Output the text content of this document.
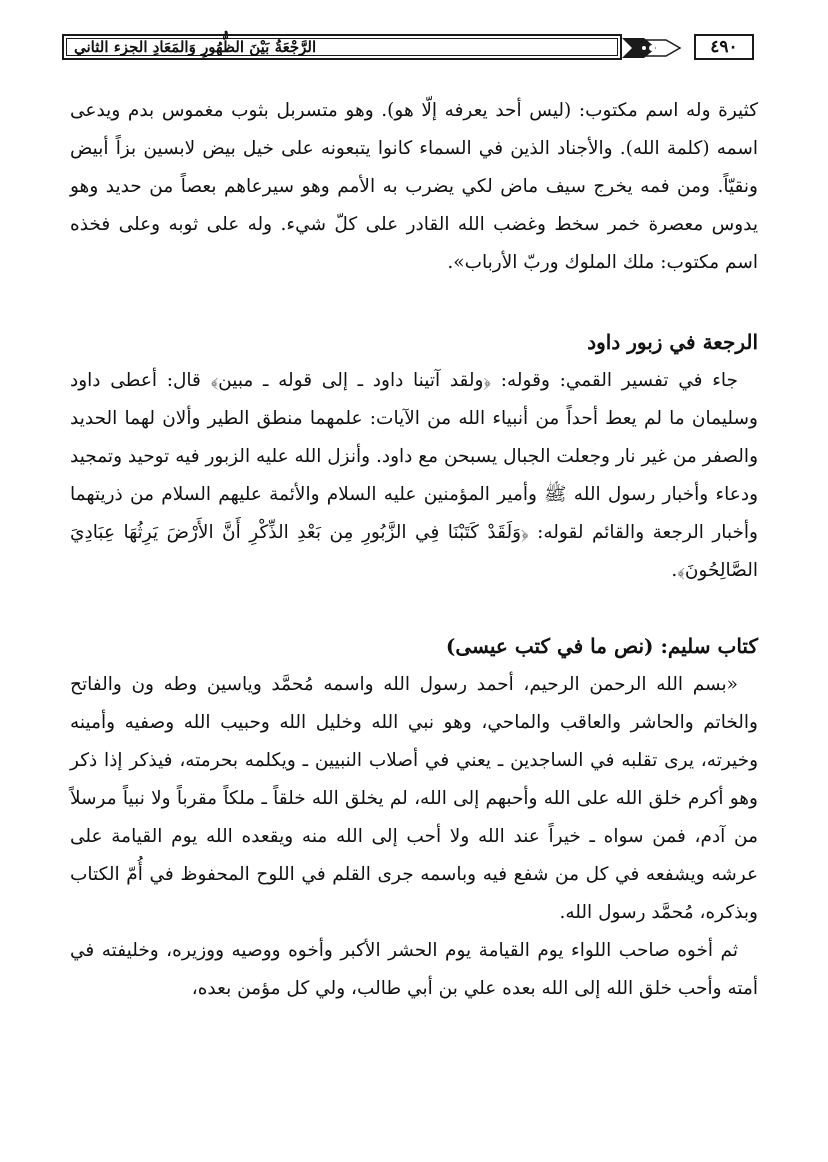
الرَّجْعَةُ بَيْنَ الظُّهُورِ وَالمَعَادِ الجزء الثاني	٤٩٠

كثيرة وله اسم مكتوب: (ليس أحد يعرفه إلّا هو). وهو متسربل بثوب مغموس بدم ويدعى اسمه (كلمة الله). والأجناد الذين في السماء كانوا يتبعونه على خيل بيض لابسين بزاً أبيض ونقيّاً. ومن فمه يخرج سيف ماض لكي يضرب به الأمم وهو سيرعاهم بعصاً من حديد وهو يدوس معصرة خمر سخط وغضب الله القادر على كلّ شيء. وله على ثوبه وعلى فخذه اسم مكتوب: ملك الملوك وربّ الأرباب».

الرجعة في زبور داود

جاء في تفسير القمي: وقوله: ﴿ولقد آتينا داود ـ إلى قوله ـ مبين﴾ قال: أعطى داود وسليمان ما لم يعط أحداً من أنبياء الله من الآيات: علمهما منطق الطير وألان لهما الحديد والصفر من غير نار وجعلت الجبال يسبحن مع داود. وأنزل الله عليه الزبور فيه توحيد وتمجيد ودعاء وأخبار رسول الله ﷺ وأمير المؤمنين عليه السلام والأئمة عليهم السلام من ذريتهما وأخبار الرجعة والقائم لقوله: ﴿وَلَقَدْ كَتَبْنَا فِي الزَّبُورِ مِن بَعْدِ الذِّكْرِ أَنَّ الأَرْضَ يَرِثُهَا عِبَادِيَ الصَّالِحُونَ﴾.

كتاب سليم: (نص ما في كتب عيسى)

«بسم الله الرحمن الرحيم، أحمد رسول الله واسمه مُحمَّد وياسين وطه ون والفاتح والخاتم والحاشر والعاقب والماحي، وهو نبي الله وخليل الله وحبيب الله وصفيه وأمينه وخيرته، يرى تقلبه في الساجدين ـ يعني في أصلاب النبيين ـ ويكلمه بحرمته، فيذكر إذا ذكر وهو أكرم خلق الله على الله وأحبهم إلى الله، لم يخلق الله خلقاً ـ ملكاً مقرباً ولا نبياً مرسلاً من آدم، فمن سواه ـ خيراً عند الله ولا أحب إلى الله منه ويقعده الله يوم القيامة على عرشه ويشفعه في كل من شفع فيه وباسمه جرى القلم في اللوح المحفوظ في أُمّ الكتاب وبذكره، مُحمَّد رسول الله.

ثم أخوه صاحب اللواء يوم القيامة يوم الحشر الأكبر وأخوه ووصيه ووزيره، وخليفته في أمته وأحب خلق الله إلى الله بعده علي بن أبي طالب، ولي كل مؤمن بعده،
